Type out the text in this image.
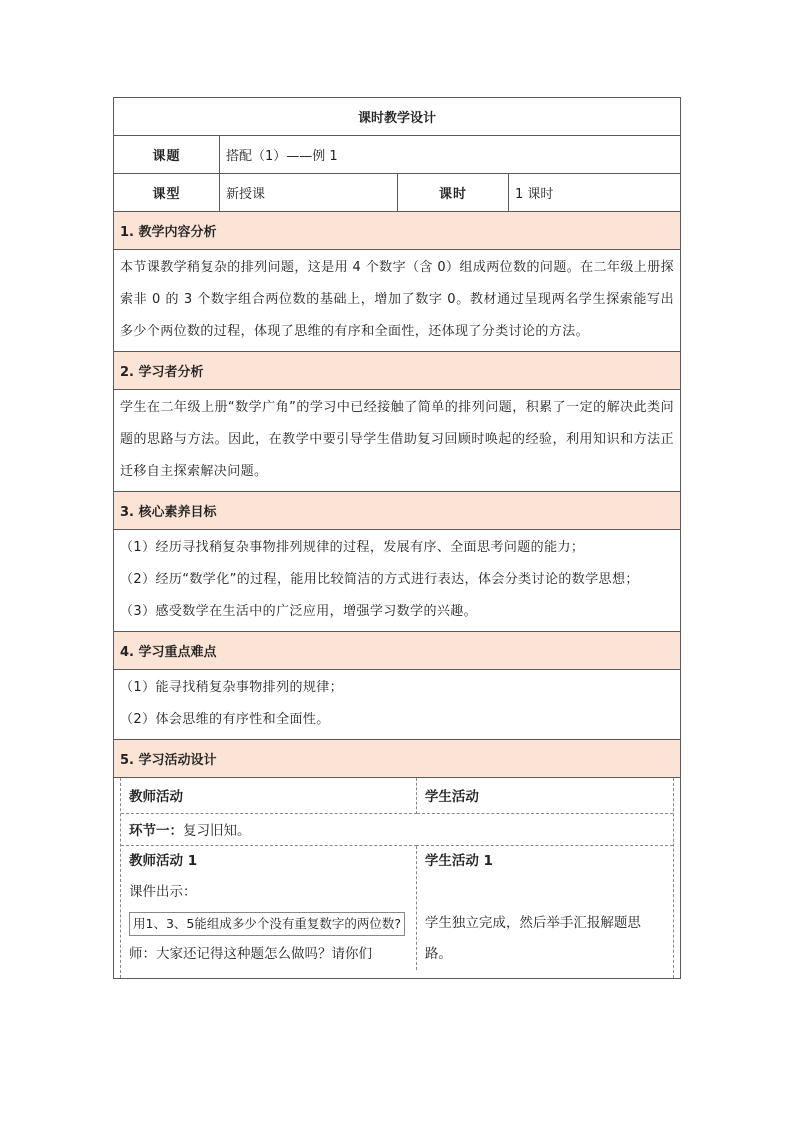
课时教学设计
课题	搭配（1）——例 1
课型	新授课	课时	1 课时
1. 教学内容分析
本节课教学稍复杂的排列问题，这是用 4 个数字（含 0）组成两位数的问题。在二年级上册探索非 0 的 3 个数字组合两位数的基础上，增加了数字 0。教材通过呈现两名学生探索能写出多少个两位数的过程，体现了思维的有序和全面性，还体现了分类讨论的方法。
2. 学习者分析
学生在二年级上册“数学广角”的学习中已经接触了简单的排列问题，积累了一定的解决此类问题的思路与方法。因此，在教学中要引导学生借助复习回顾时唤起的经验，利用知识和方法正迁移自主探索解决问题。
3. 核心素养目标

（1）经历寻找稍复杂事物排列规律的过程，发展有序、全面思考问题的能力；
（2）经历“数学化”的过程，能用比较简洁的方式进行表达，体会分类讨论的数学思想；
（3）感受数学在生活中的广泛应用，增强学习数学的兴趣。

4. 学习重点难点

（1）能寻找稍复杂事物排列的规律；
（2）体会思维的有序性和全面性。

5. 学习活动设计

教师活动	学生活动
环节一：复习旧知。

教师活动 1
课件出示：
用1、3、5能组成多少个没有重复数字的两位数?
师：大家还记得这种题怎么做吗？请你们

学生活动 1
学生独立完成，然后举手汇报解题思路。
